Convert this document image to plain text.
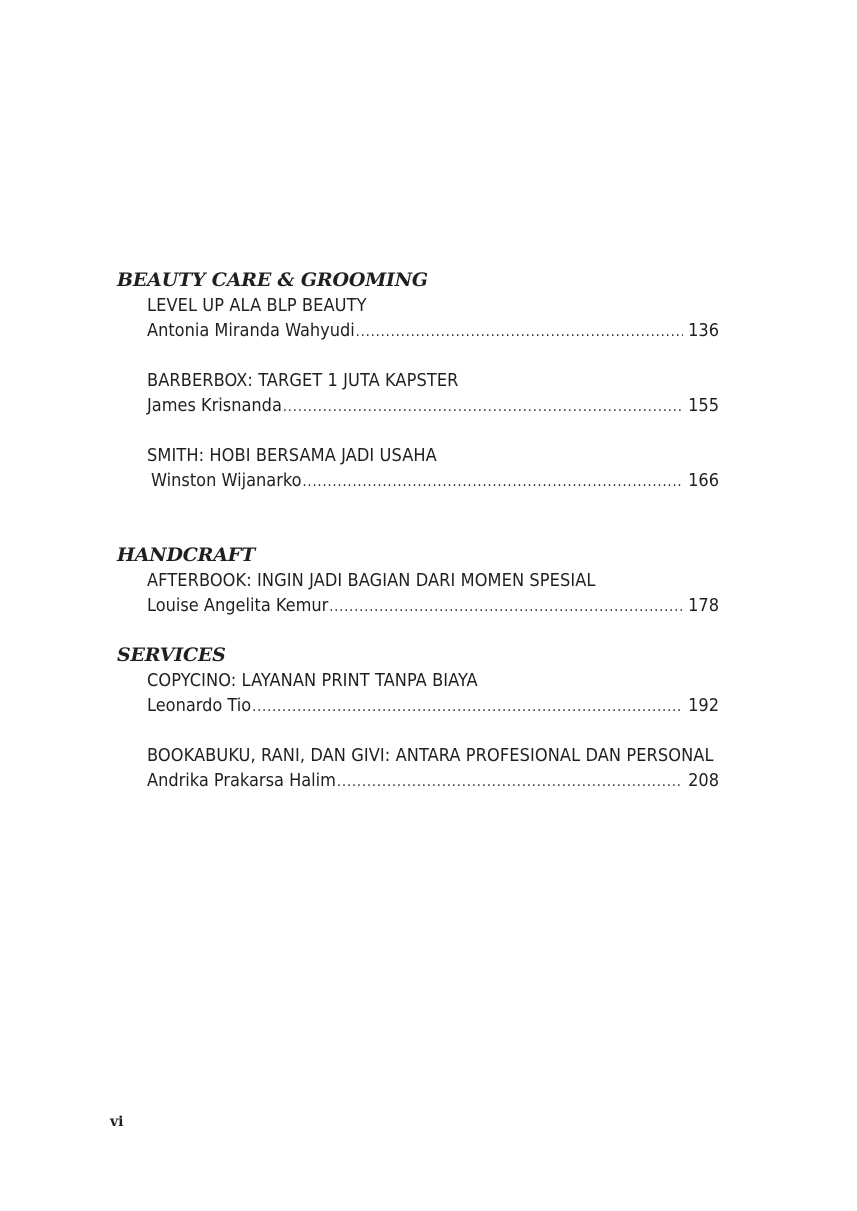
BEAUTY CARE & GROOMING
LEVEL UP ALA BLP BEAUTY
Antonia Miranda Wahyudi .....	136
BARBERBOX: TARGET 1 JUTA KAPSTER
James Krisnanda .....	155
SMITH: HOBI BERSAMA JADI USAHA
Winston Wijanarko .....	166
HANDCRAFT
AFTERBOOK: INGIN JADI BAGIAN DARI MOMEN SPESIAL
Louise Angelita Kemur .....	178
SERVICES
COPYCINO: LAYANAN PRINT TANPA BIAYA
Leonardo Tio .....	192
BOOKABUKU, RANI, DAN GIVI: ANTARA PROFESIONAL DAN PERSONAL
Andrika Prakarsa Halim .....	208
vi
